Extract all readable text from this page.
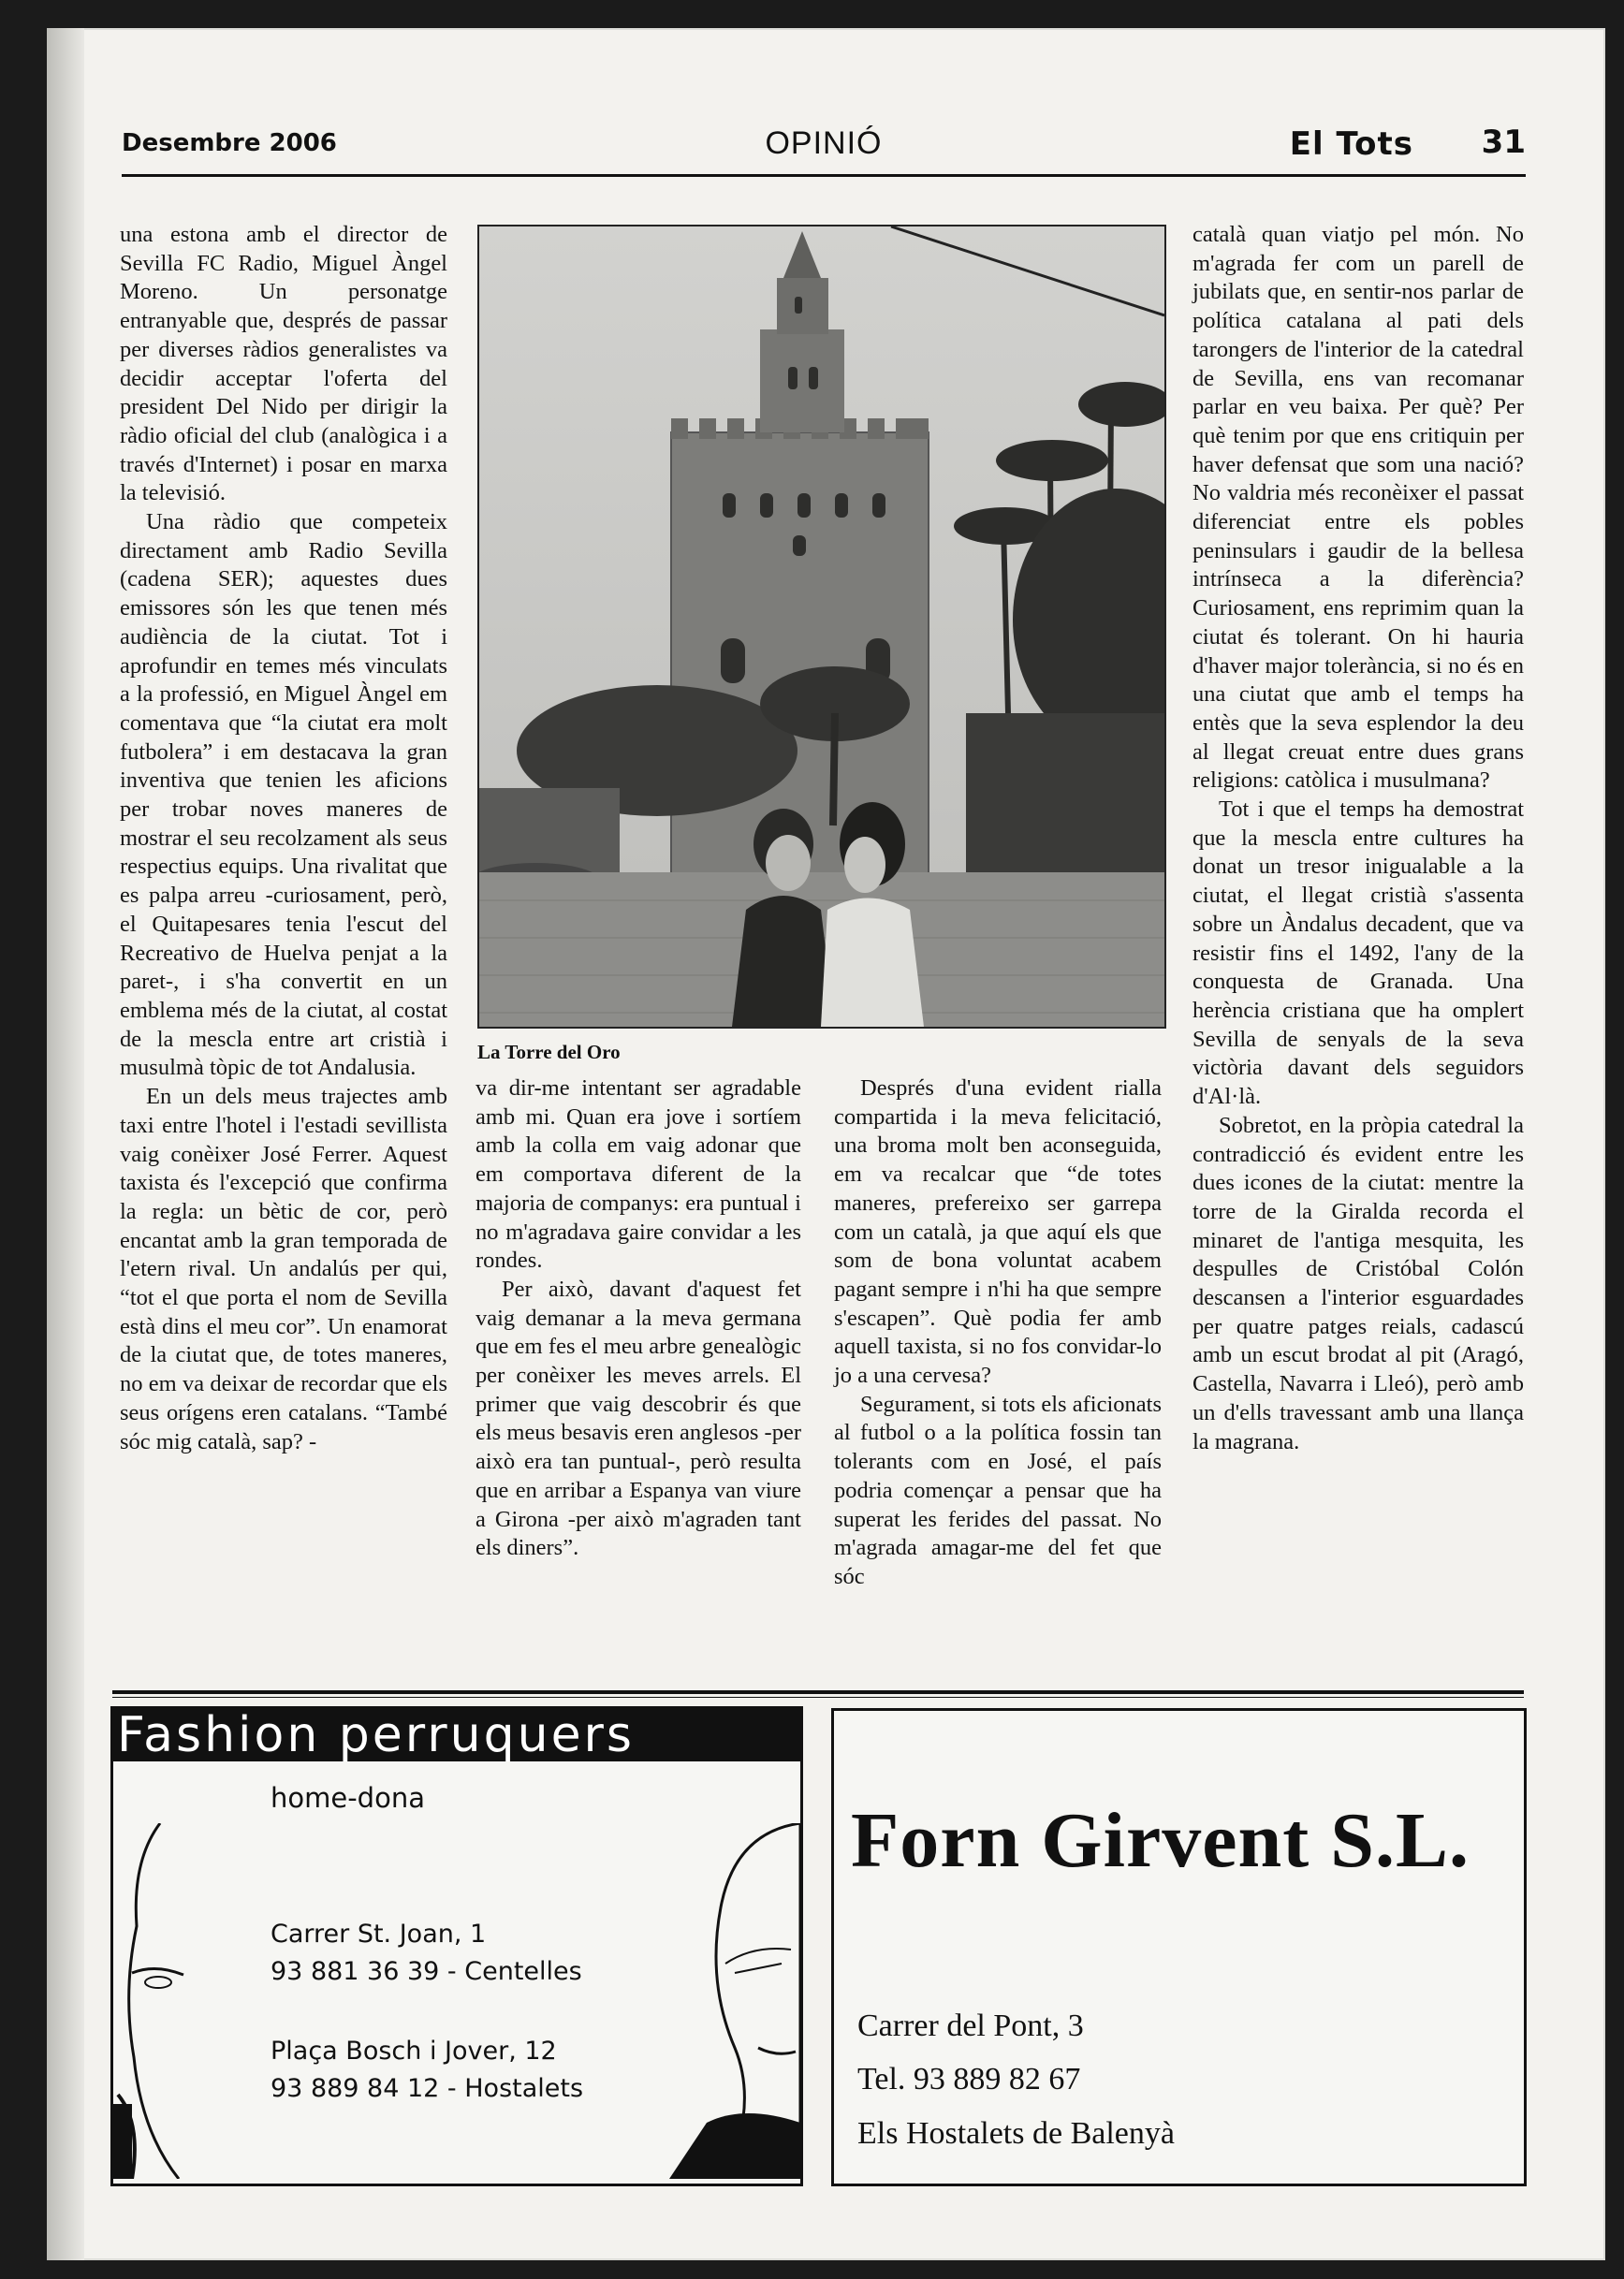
Desembre 2006	OPINIÓ	El Tots 31

una estona amb el director de Sevilla FC Radio, Miguel Àngel Moreno. Un personatge entranyable que, després de passar per diverses ràdios generalistes va decidir acceptar l'oferta del president Del Nido per dirigir la ràdio oficial del club (analògica i a través d'Internet) i posar en marxa la televisió.

Una ràdio que competeix directament amb Radio Sevilla (cadena SER); aquestes dues emissores són les que tenen més audiència de la ciutat. Tot i aprofundir en temes més vinculats a la professió, en Miguel Àngel em comentava que “la ciutat era molt futbolera” i em destacava la gran inventiva que tenien les aficions per trobar noves maneres de mostrar el seu recolzament als seus respectius equips. Una rivalitat que es palpa arreu -curiosament, però, el Quitapesares tenia l'escut del Recreativo de Huelva penjat a la paret-, i s'ha convertit en un emblema més de la ciutat, al costat de la mescla entre art cristià i musulmà tòpic de tot Andalusia.

En un dels meus trajectes amb taxi entre l'hotel i l'estadi sevillista vaig conèixer José Ferrer. Aquest taxista és l'excepció que confirma la regla: un bètic de cor, però encantat amb la gran temporada de l'etern rival. Un andalús per qui, “tot el que porta el nom de Sevilla està dins el meu cor”. Un enamorat de la ciutat que, de totes maneres, no em va deixar de recordar que els seus orígens eren catalans. “També sóc mig català, sap? -

La Torre del Oro

va dir-me intentant ser agradable amb mi. Quan era jove i sortíem amb la colla em vaig adonar que em comportava diferent de la majoria de companys: era puntual i no m'agradava gaire convidar a les rondes.

Per això, davant d'aquest fet vaig demanar a la meva germana que em fes el meu arbre genealògic per conèixer les meves arrels. El primer que vaig descobrir és que els meus besavis eren anglesos -per això era tan puntual-, però resulta que en arribar a Espanya van viure a Girona -per això m'agraden tant els diners”.

Després d'una evident rialla compartida i la meva felicitació, una broma molt ben aconseguida, em va recalcar que “de totes maneres, prefereixo ser garrepa com un català, ja que aquí els que som de bona voluntat acabem pagant sempre i n'hi ha que sempre s'escapen”. Què podia fer amb aquell taxista, si no fos convidar-lo jo a una cervesa?

Segurament, si tots els aficionats al futbol o a la política fossin tan tolerants com en José, el país podria començar a pensar que ha superat les ferides del passat. No m'agrada amagar-me del fet que sóc

català quan viatjo pel món. No m'agrada fer com un parell de jubilats que, en sentir-nos parlar de política catalana al pati dels tarongers de l'interior de la catedral de Sevilla, ens van recomanar parlar en veu baixa. Per què? Per què tenim por que ens critiquin per haver defensat que som una nació? No valdria més reconèixer el passat diferenciat entre els pobles peninsulars i gaudir de la bellesa intrínseca a la diferència? Curiosament, ens reprimim quan la ciutat és tolerant. On hi hauria d'haver major tolerància, si no és en una ciutat que amb el temps ha entès que la seva esplendor la deu al llegat creuat entre dues grans religions: catòlica i musulmana?

Tot i que el temps ha demostrat que la mescla entre cultures ha donat un tresor inigualable a la ciutat, el llegat cristià s'assenta sobre un Àndalus decadent, que va resistir fins el 1492, l'any de la conquesta de Granada. Una herència cristiana que ha omplert Sevilla de senyals de la seva victòria davant dels seguidors d'Al·là.

Sobretot, en la pròpia catedral la contradicció és evident entre les dues icones de la ciutat: mentre la torre de la Giralda recorda el minaret de l'antiga mesquita, les despulles de Cristóbal Colón descansen a l'interior esguardades per quatre patges reials, cadascú amb un escut brodat al pit (Aragó, Castella, Navarra i Lleó), però amb un d'ells travessant amb una llança la magrana.

Fashion perruquers
home-dona
Carrer St. Joan, 1
93 881 36 39 - Centelles
Plaça Bosch i Jover, 12
93 889 84 12 - Hostalets
Forn Girvent S.L.
Carrer del Pont, 3
Tel. 93 889 82 67
Els Hostalets de Balenyà
